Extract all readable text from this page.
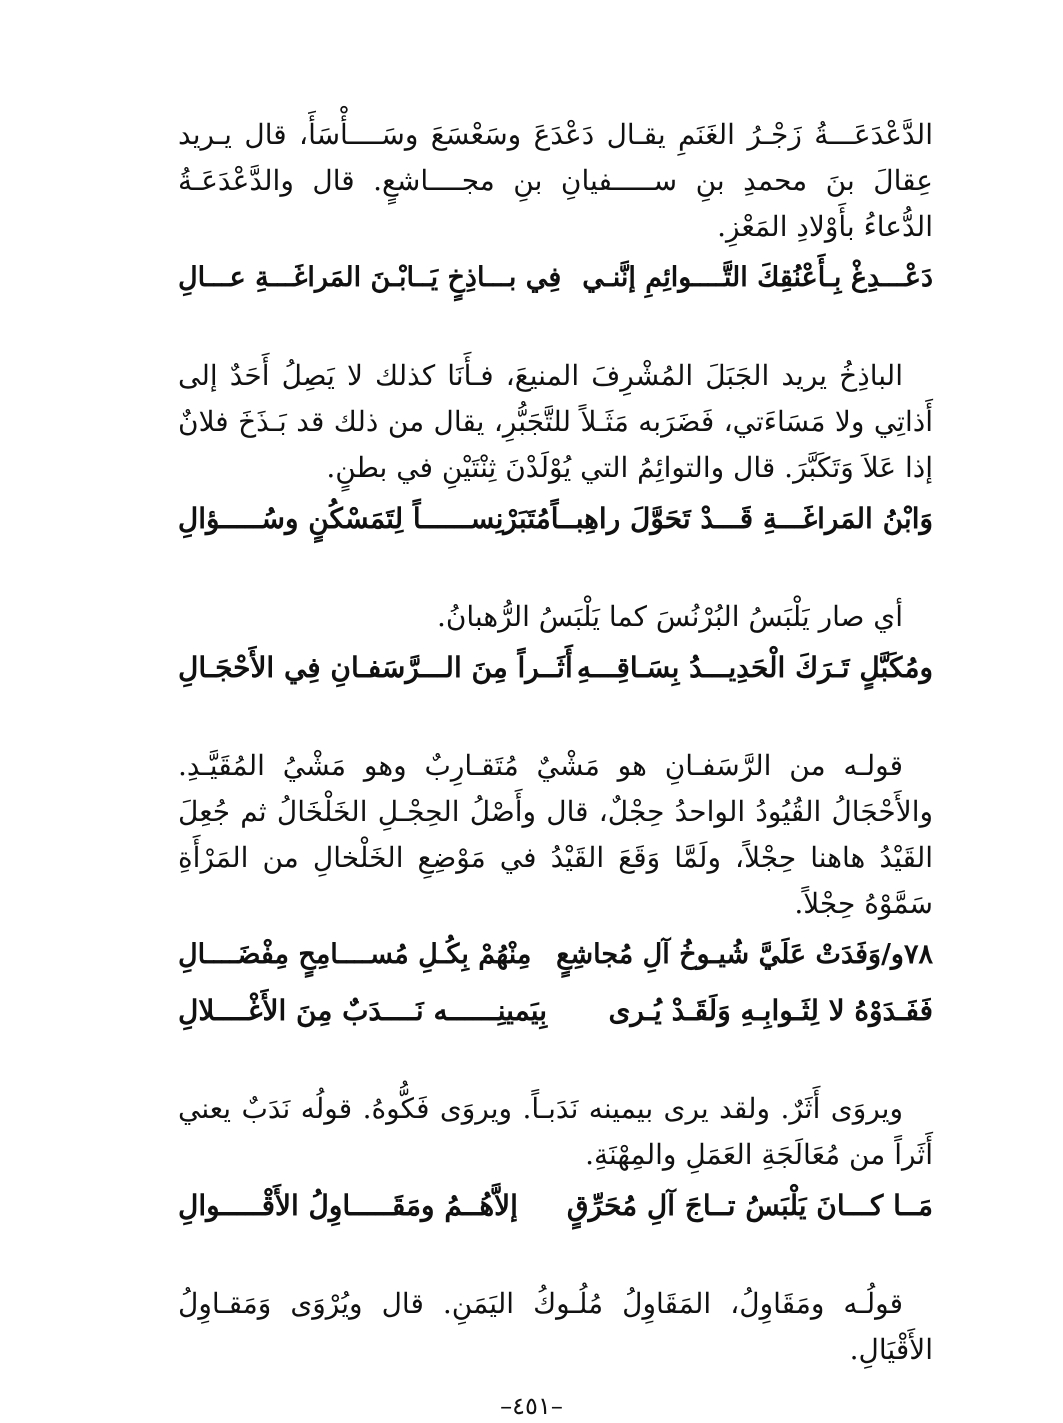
الدَّعْدَعَـــةُ زَجْـرُ الغَنَمِ يقـال دَعْدَعَ وسَعْسَعَ وسَــــأْسَأَ، قال يـريد عِقالَ بنَ محمدِ بنِ ســـــفيانِ بنِ مجــــاشعٍ. قال والدَّعْدَعَـةُ الدُّعاءُ بأَوْلادِ المَعْزِ.

دَعْـــدِغْ بِـأَعْنُقِكَ التَّــــوائِمِ إنَّنـي
فِي بـــاذِخٍ يَــابْـنَ المَراغَـــةِ عـــالِ

الباذِخُ يريد الجَبَلَ المُشْرِفَ المنيعَ، فـأَنَا كذلك لا يَصِلُ أَحَدٌ إلى أَذاتِي ولا مَسَاءَتي، فَضَرَبه مَثَـلاً للتَّجَبُّرِ، يقال من ذلك قد بَـذَخَ فلانٌ إذا عَلاَ وَتَكَبَّرَ. قال والتوائِمُ التي يُوْلَدْنَ ثِنْتَيْنِ في بطنٍ.

وَابْنُ المَراغَـــةِ قَـــدْ تَحَوَّلَ راهِبــاً
مُتَبَرْنِســــــاً لِتَمَسْكُنٍ وسُـــــؤالِ

أي صار يَلْبَسُ البُرْنُسَ كما يَلْبَسُ الرُّهبانُ.

ومُكَبَّلٍ تَـرَكَ الْحَدِيـــدُ بِسَـاقِـــهِ
أَثَــراً مِنَ الـــرَّسَفـانِ فِي الأَحْجَـالِ

قولـه من الرَّسَفـانِ هو مَشْيٌ مُتَقـارِبٌ وهو مَشْيُ المُقَيَّـدِ. والأَحْجَالُ القُيُودُ الواحدُ حِجْلٌ، قال وأَصْلُ الحِجْـلِ الخَلْخَالُ ثم جُعِلَ القَيْدُ هاهنا حِجْلاً، ولَمَّا وَقَعَ القَيْدُ في مَوْضِعِ الخَلْخالِ من المَرْأَةِ سَمَّوْهُ حِجْلاً.

٧٨و/وَفَدَتْ عَلَيَّ شُيـوخُ آلِ مُجاشِعٍ
مِنْهُمْ بِكُـلِ مُســــامِحٍ مِفْضَــــالِ
فَفَـدَوْهُ لا لِثَـوابِـهِ وَلَقَـدْ يُـرى
بِيَمينِــــــه نَــــدَبٌ مِنَ الأَغْــــلالِ

ويروَى أَثَرٌ. ولقد يرى بيمينه نَدَبـاً. ويروَى فَكُّوهُ. قولُه نَدَبٌ يعني أَثَراً من مُعَالَجَةِ العَمَلِ والمِهْنَةِ.

مَــا كـــانَ يَلْبَسُ تــاجَ آلِ مُحَرِّقٍ
إلاَّهُــمُ ومَقَـــــاوِلُ الأَقْـــــوالِ

قولُـه ومَقَاوِلُ، المَقَاوِلُ مُلُـوكُ اليَمَنِ. قال ويُرْوَى وَمَقـاوِلُ الأَقْيَالِ.

–٤٥١–
